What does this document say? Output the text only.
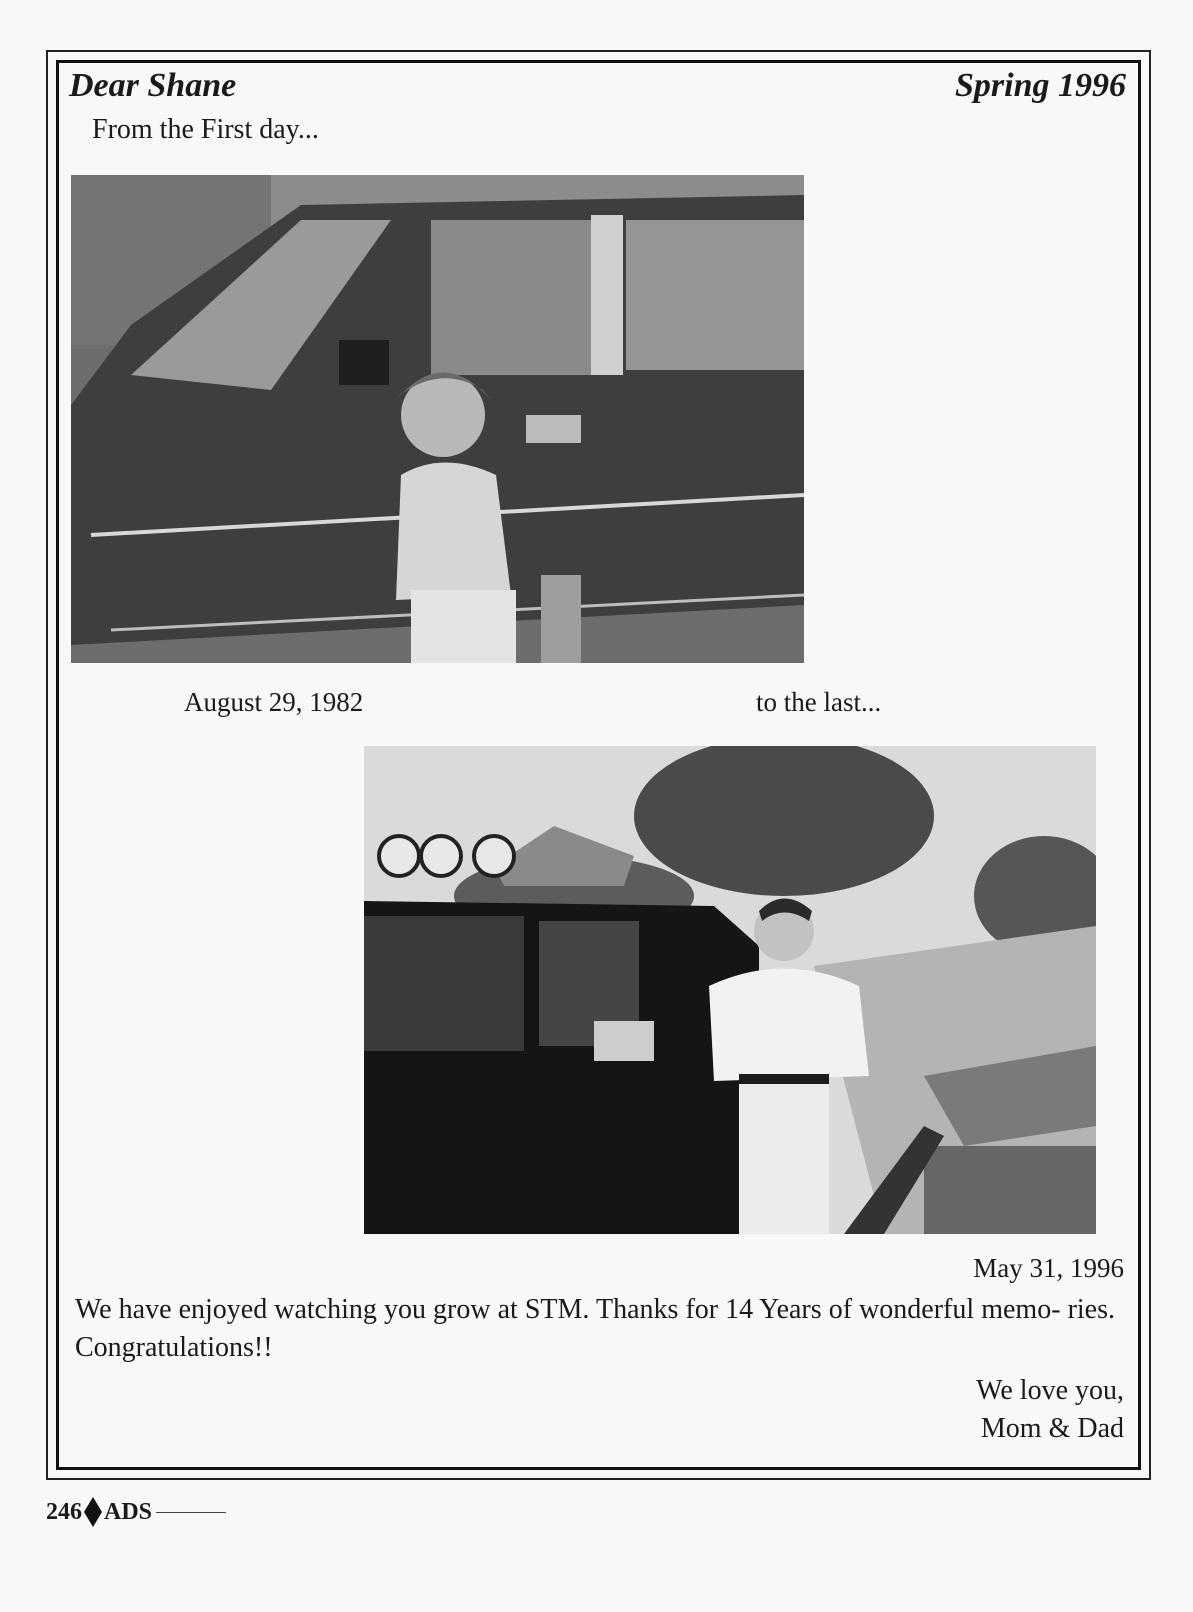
Dear Shane	Spring 1996

From the First day...

August 29, 1982	to the last...

May 31, 1996

We have enjoyed watching you grow at STM. Thanks for 14 Years of wonderful memo- ries. Congratulations!!

We love you,

Mom & Dad

246 ADS
